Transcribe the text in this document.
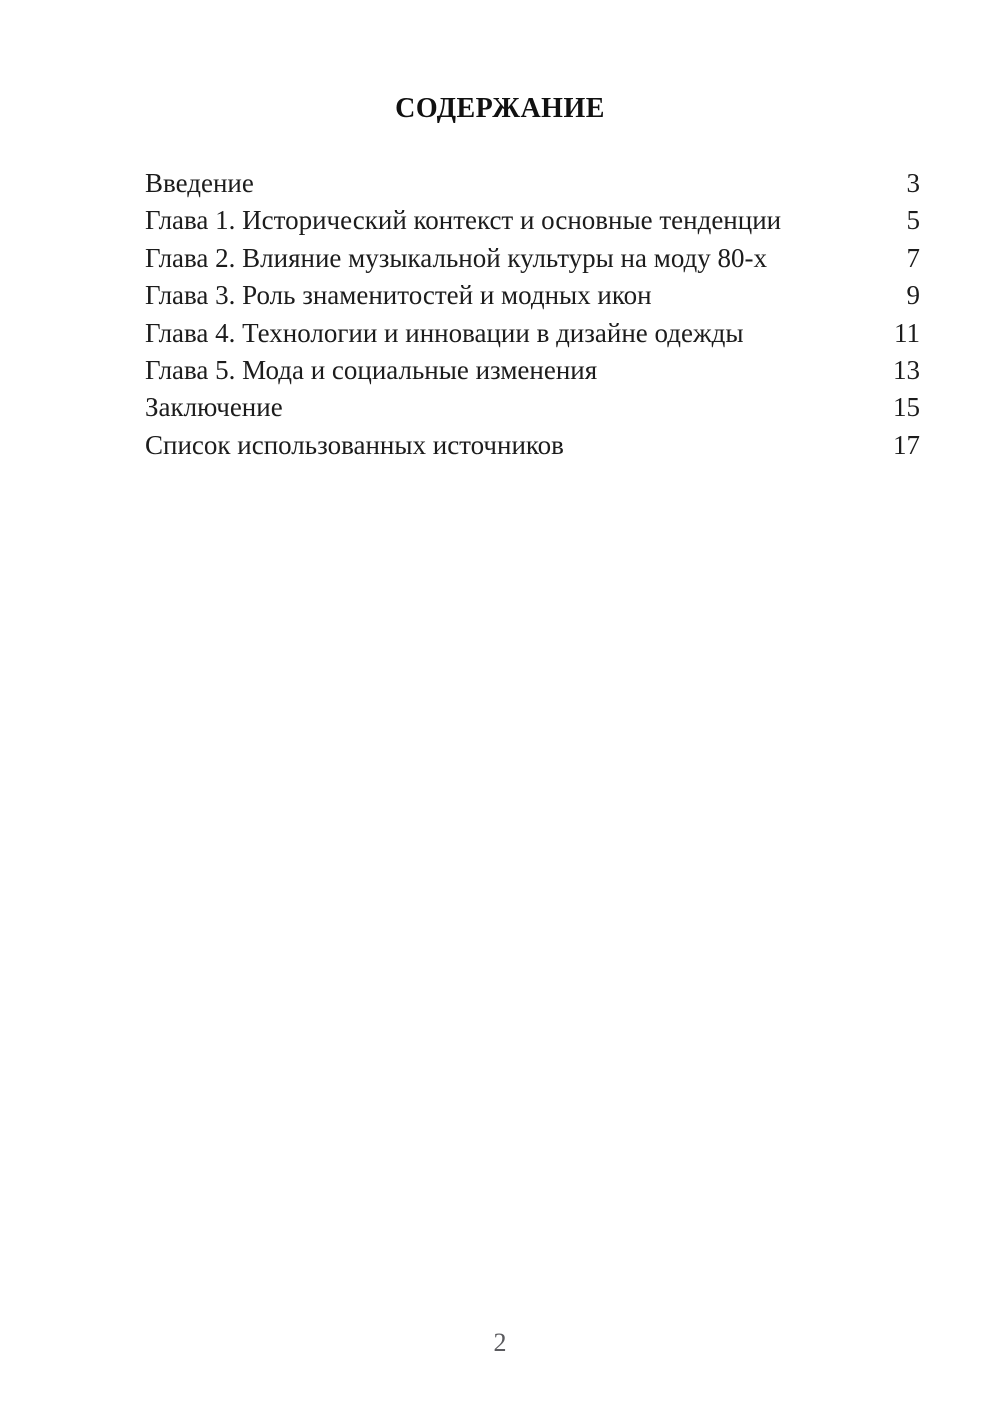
СОДЕРЖАНИЕ
Введение	3
Глава 1. Исторический контекст и основные тенденции	5
Глава 2. Влияние музыкальной культуры на моду 80-х	7
Глава 3. Роль знаменитостей и модных икон	9
Глава 4. Технологии и инновации в дизайне одежды	11
Глава 5. Мода и социальные изменения	13
Заключение	15
Список использованных источников	17
2
